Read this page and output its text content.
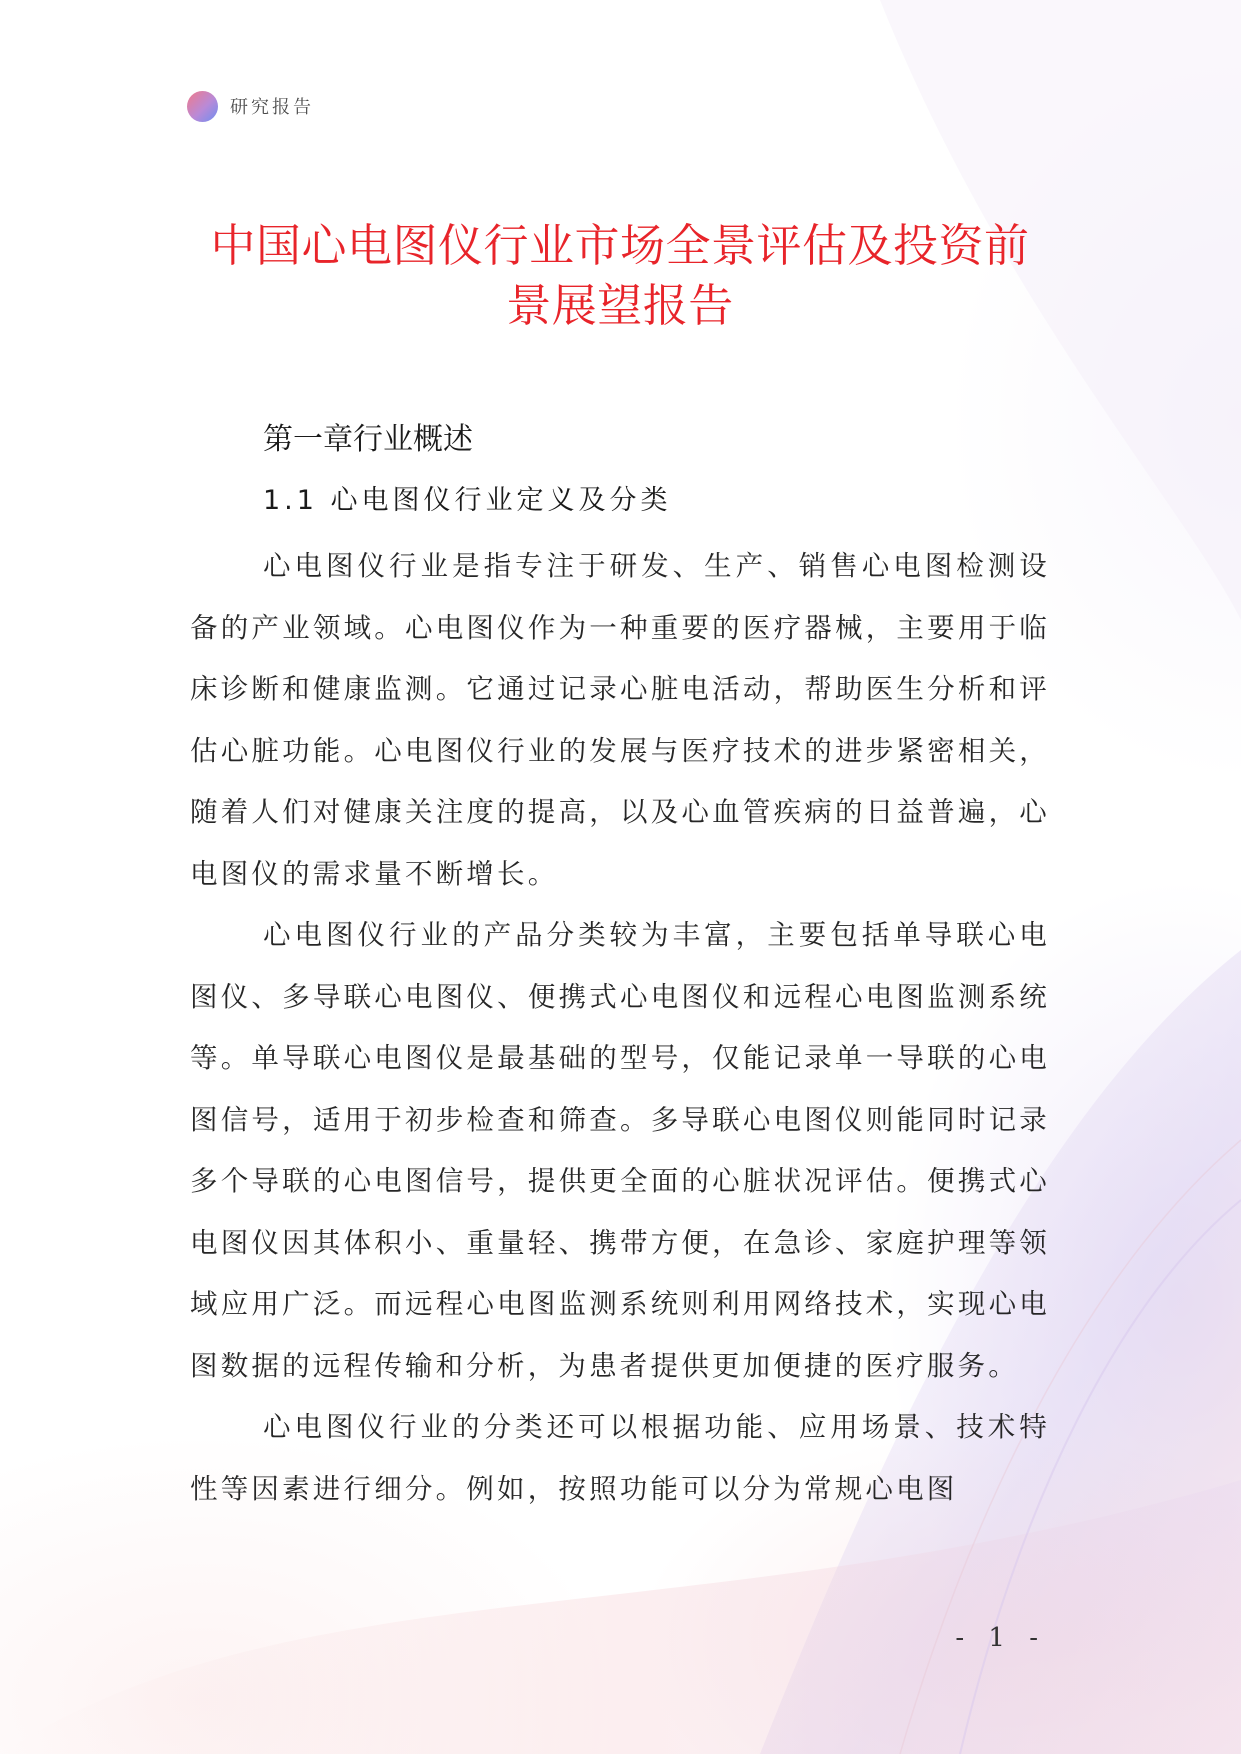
研究报告
中国心电图仪行业市场全景评估及投资前
景展望报告
第一章行业概述
1.1 心电图仪行业定义及分类

心电图仪行业是指专注于研发、生产、销售心电图检测设备的产业领域。心电图仪作为一种重要的医疗器械，主要用于临床诊断和健康监测。它通过记录心脏电活动，帮助医生分析和评估心脏功能。心电图仪行业的发展与医疗技术的进步紧密相关，随着人们对健康关注度的提高，以及心血管疾病的日益普遍，心电图仪的需求量不断增长。

心电图仪行业的产品分类较为丰富，主要包括单导联心电图仪、多导联心电图仪、便携式心电图仪和远程心电图监测系统等。单导联心电图仪是最基础的型号，仅能记录单一导联的心电图信号，适用于初步检查和筛查。多导联心电图仪则能同时记录多个导联的心电图信号，提供更全面的心脏状况评估。便携式心电图仪因其体积小、重量轻、携带方便，在急诊、家庭护理等领域应用广泛。而远程心电图监测系统则利用网络技术，实现心电图数据的远程传输和分析，为患者提供更加便捷的医疗服务。

心电图仪行业的分类还可以根据功能、应用场景、技术特性等因素进行细分。例如，按照功能可以分为常规心电图

- 1 -
